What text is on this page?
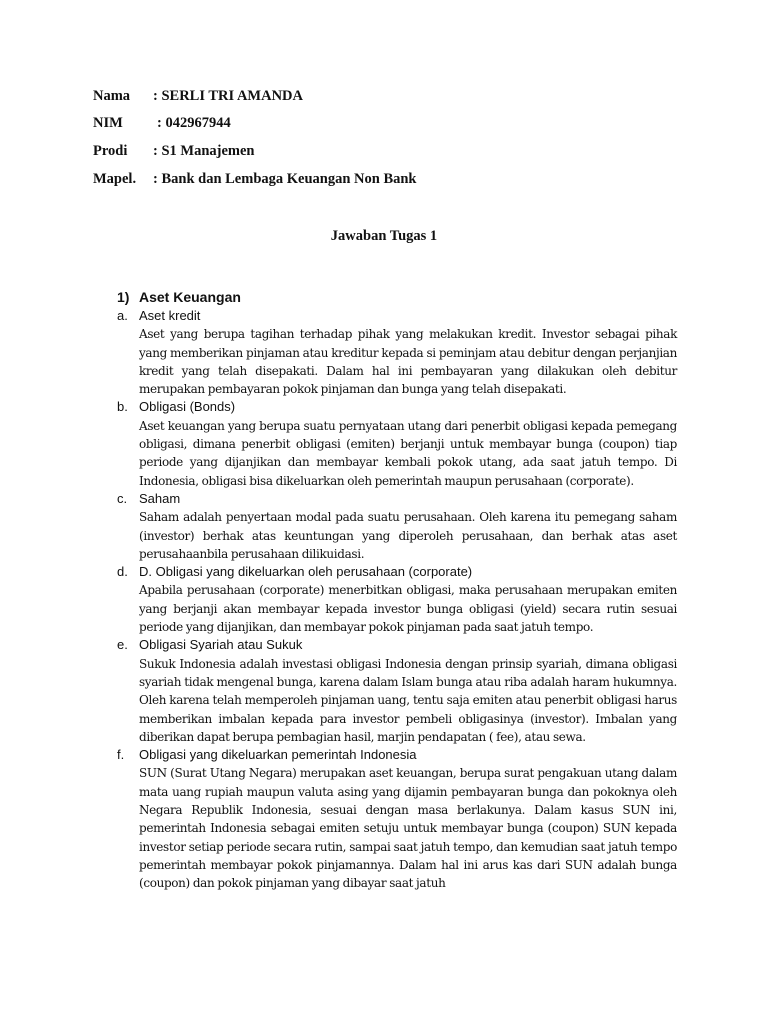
Nama : SERLI TRI AMANDA
NIM : 042967944
Prodi : S1 Manajemen
Mapel. : Bank dan Lembaga Keuangan Non Bank
Jawaban Tugas 1
1) Aset Keuangan
a. Aset kredit
Aset yang berupa tagihan terhadap pihak yang melakukan kredit. Investor sebagai pihak yang memberikan pinjaman atau kreditur kepada si peminjam atau debitur dengan perjanjian kredit yang telah disepakati. Dalam hal ini pembayaran yang dilakukan oleh debitur merupakan pembayaran pokok pinjaman dan bunga yang telah disepakati.
b. Obligasi (Bonds)
Aset keuangan yang berupa suatu pernyataan utang dari penerbit obligasi kepada pemegang obligasi, dimana penerbit obligasi (emiten) berjanji untuk membayar bunga (coupon) tiap periode yang dijanjikan dan membayar kembali pokok utang, ada saat jatuh tempo. Di Indonesia, obligasi bisa dikeluarkan oleh pemerintah maupun perusahaan (corporate).
c. Saham
Saham adalah penyertaan modal pada suatu perusahaan. Oleh karena itu pemegang saham (investor) berhak atas keuntungan yang diperoleh perusahaan, dan berhak atas aset perusahaanbila perusahaan dilikuidasi.
d. D. Obligasi yang dikeluarkan oleh perusahaan (corporate)
Apabila perusahaan (corporate) menerbitkan obligasi, maka perusahaan merupakan emiten yang berjanji akan membayar kepada investor bunga obligasi (yield) secara rutin sesuai periode yang dijanjikan, dan membayar pokok pinjaman pada saat jatuh tempo.
e. Obligasi Syariah atau Sukuk
Sukuk Indonesia adalah investasi obligasi Indonesia dengan prinsip syariah, dimana obligasi syariah tidak mengenal bunga, karena dalam Islam bunga atau riba adalah haram hukumnya. Oleh karena telah memperoleh pinjaman uang, tentu saja emiten atau penerbit obligasi harus memberikan imbalan kepada para investor pembeli obligasinya (investor). Imbalan yang diberikan dapat berupa pembagian hasil, marjin pendapatan ( fee), atau sewa.
f. Obligasi yang dikeluarkan pemerintah Indonesia
SUN (Surat Utang Negara) merupakan aset keuangan, berupa surat pengakuan utang dalam mata uang rupiah maupun valuta asing yang dijamin pembayaran bunga dan pokoknya oleh Negara Republik Indonesia, sesuai dengan masa berlakunya. Dalam kasus SUN ini, pemerintah Indonesia sebagai emiten setuju untuk membayar bunga (coupon) SUN kepada investor setiap periode secara rutin, sampai saat jatuh tempo, dan kemudian saat jatuh tempo pemerintah membayar pokok pinjamannya. Dalam hal ini arus kas dari SUN adalah bunga (coupon) dan pokok pinjaman yang dibayar saat jatuh
